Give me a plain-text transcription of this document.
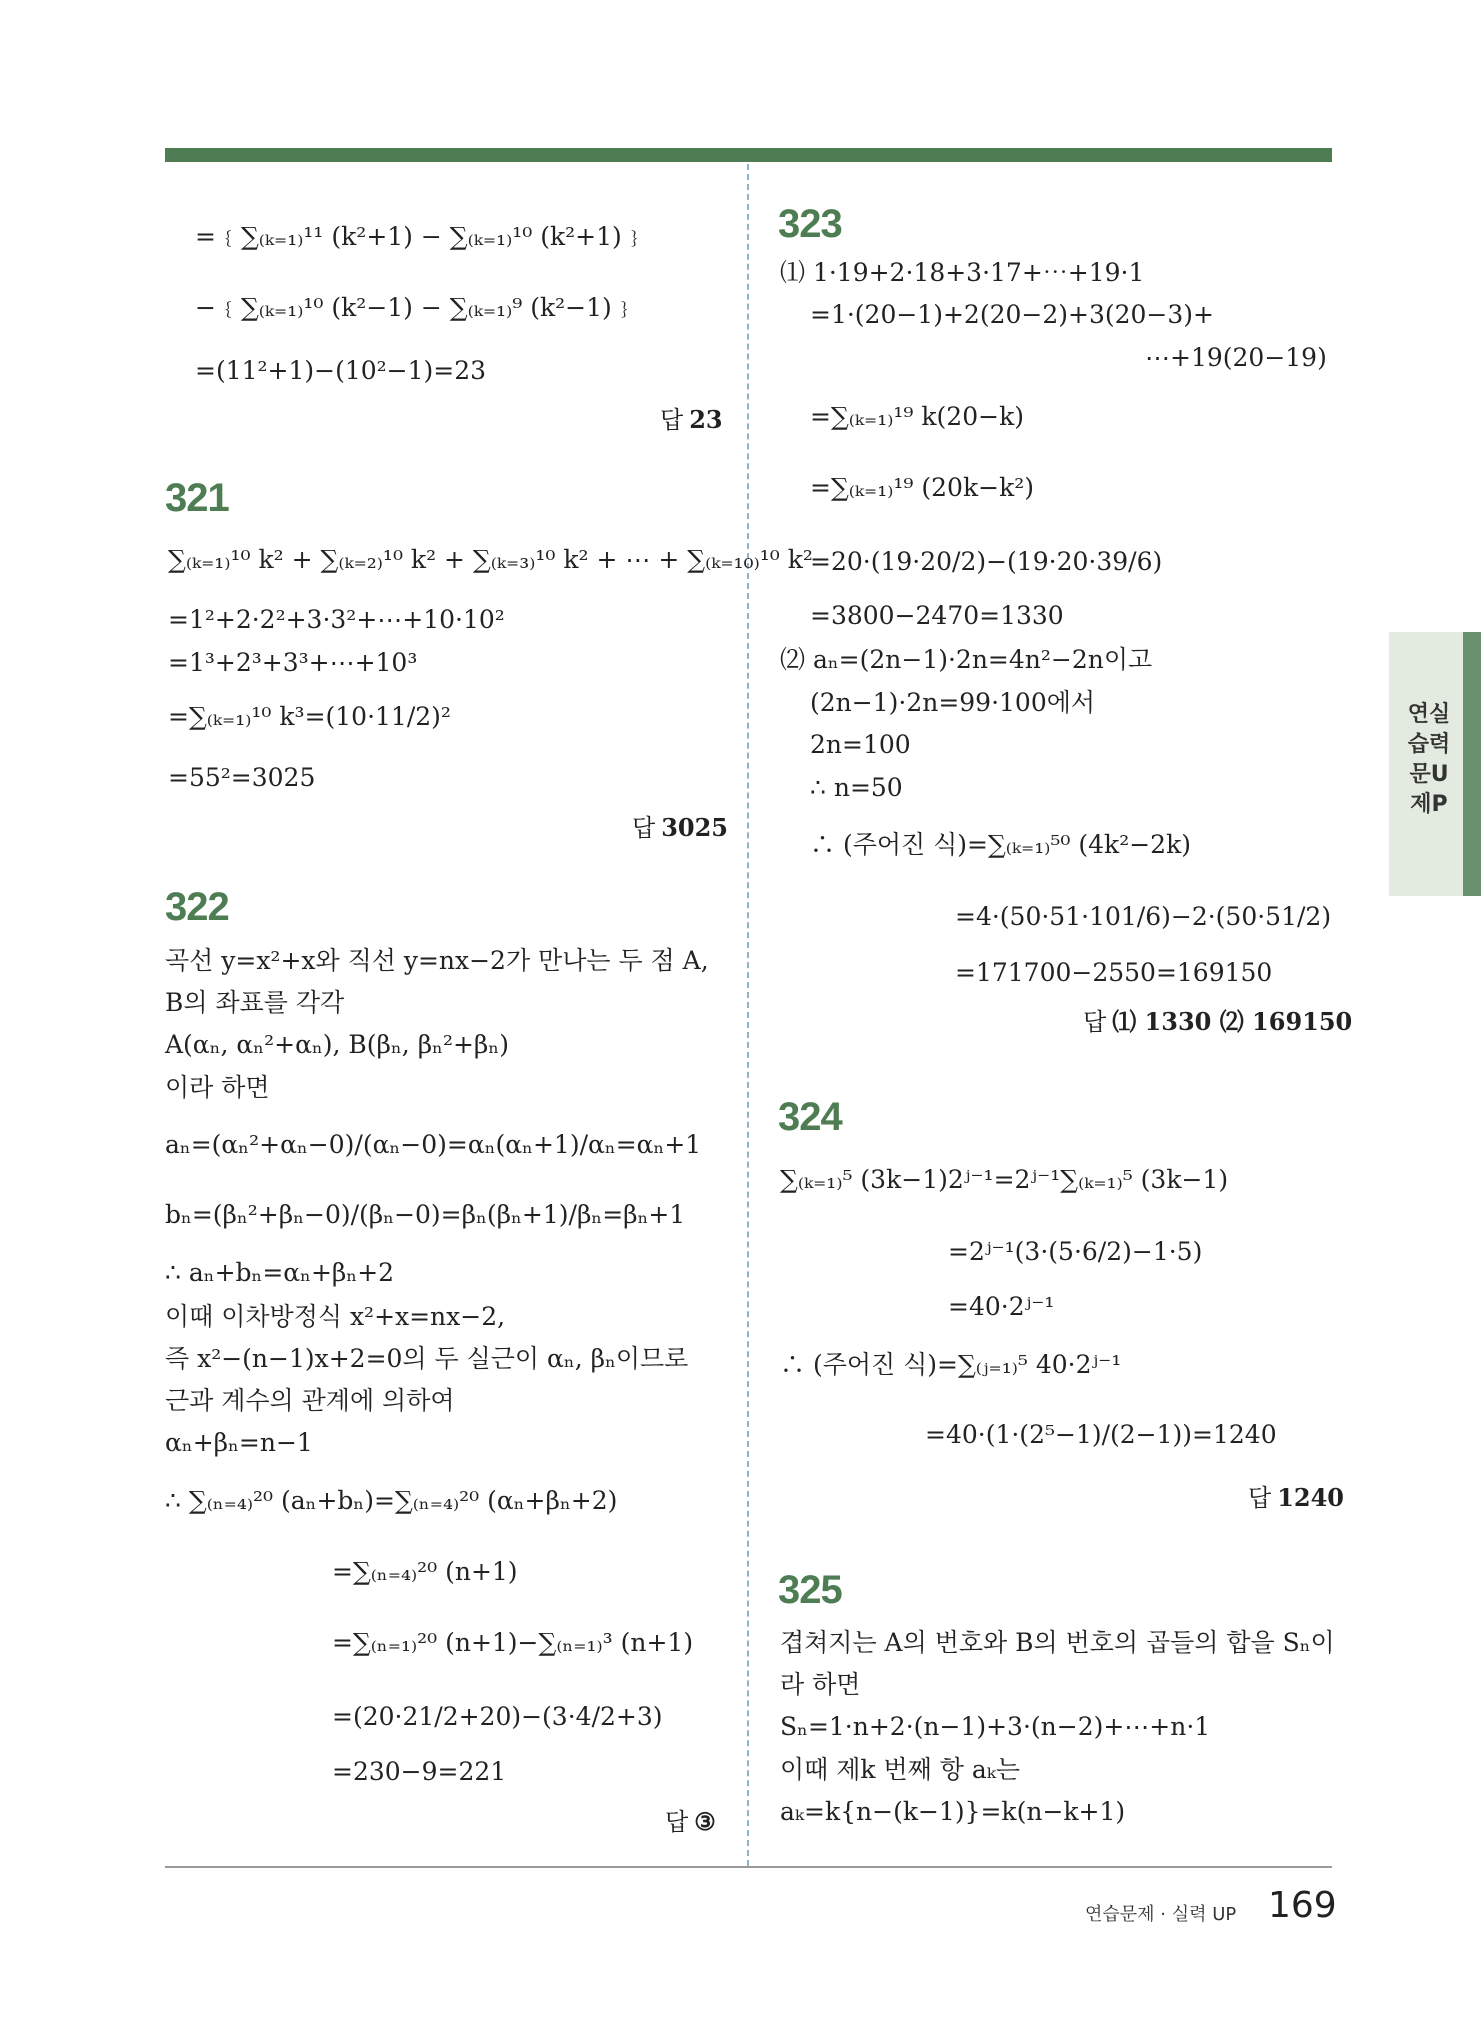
=﹛∑₍ₖ₌₁₎¹¹ (k²+1) − ∑₍ₖ₌₁₎¹⁰ (k²+1)﹜
−﹛∑₍ₖ₌₁₎¹⁰ (k²−1) − ∑₍ₖ₌₁₎⁹ (k²−1)﹜
=(11²+1)−(10²−1)=23
답 23
321
∑₍ₖ₌₁₎¹⁰ k² + ∑₍ₖ₌₂₎¹⁰ k² + ∑₍ₖ₌₃₎¹⁰ k² + ⋯ + ∑₍ₖ₌₁₀₎¹⁰ k²
=1²+2·2²+3·3²+⋯+10·10²
=1³+2³+3³+⋯+10³
=∑₍ₖ₌₁₎¹⁰ k³=(10·11/2)²
=55²=3025
답 3025
322
곡선 y=x²+x와 직선 y=nx−2가 만나는 두 점 A,
B의 좌표를 각각
A(αₙ, αₙ²+αₙ), B(βₙ, βₙ²+βₙ)
이라 하면
aₙ=(αₙ²+αₙ−0)/(αₙ−0)=αₙ(αₙ+1)/αₙ=αₙ+1
bₙ=(βₙ²+βₙ−0)/(βₙ−0)=βₙ(βₙ+1)/βₙ=βₙ+1
∴ aₙ+bₙ=αₙ+βₙ+2
이때 이차방정식 x²+x=nx−2,
즉 x²−(n−1)x+2=0의 두 실근이 αₙ, βₙ이므로
근과 계수의 관계에 의하여
αₙ+βₙ=n−1
∴ ∑₍ₙ₌₄₎²⁰ (aₙ+bₙ)=∑₍ₙ₌₄₎²⁰ (αₙ+βₙ+2)
=∑₍ₙ₌₄₎²⁰ (n+1)
=∑₍ₙ₌₁₎²⁰ (n+1)−∑₍ₙ₌₁₎³ (n+1)
=(20·21/2+20)−(3·4/2+3)
=230−9=221
답 ③
323
⑴ 1·19+2·18+3·17+⋯+19·1
=1·(20−1)+2(20−2)+3(20−3)+
⋯+19(20−19)
=∑₍ₖ₌₁₎¹⁹ k(20−k)
=∑₍ₖ₌₁₎¹⁹ (20k−k²)
=20·(19·20/2)−(19·20·39/6)
=3800−2470=1330
⑵ aₙ=(2n−1)·2n=4n²−2n이고
(2n−1)·2n=99·100에서
2n=100
∴ n=50
∴ (주어진 식)=∑₍ₖ₌₁₎⁵⁰ (4k²−2k)
=4·(50·51·101/6)−2·(50·51/2)
=171700−2550=169150
답 ⑴ 1330 ⑵ 169150
324
∑₍ₖ₌₁₎⁵ (3k−1)2ʲ⁻¹=2ʲ⁻¹∑₍ₖ₌₁₎⁵ (3k−1)
=2ʲ⁻¹(3·(5·6/2)−1·5)
=40·2ʲ⁻¹
∴ (주어진 식)=∑₍ⱼ₌₁₎⁵ 40·2ʲ⁻¹
=40·(1·(2⁵−1)/(2−1))=1240
답 1240
325
겹쳐지는 A의 번호와 B의 번호의 곱들의 합을 Sₙ이
라 하면
Sₙ=1·n+2·(n−1)+3·(n−2)+⋯+n·1
이때 제k 번째 항 aₖ는
aₖ=k{n−(k−1)}=k(n−k+1)
연실
습력
문U
제P
연습문제 · 실력 UP 169
